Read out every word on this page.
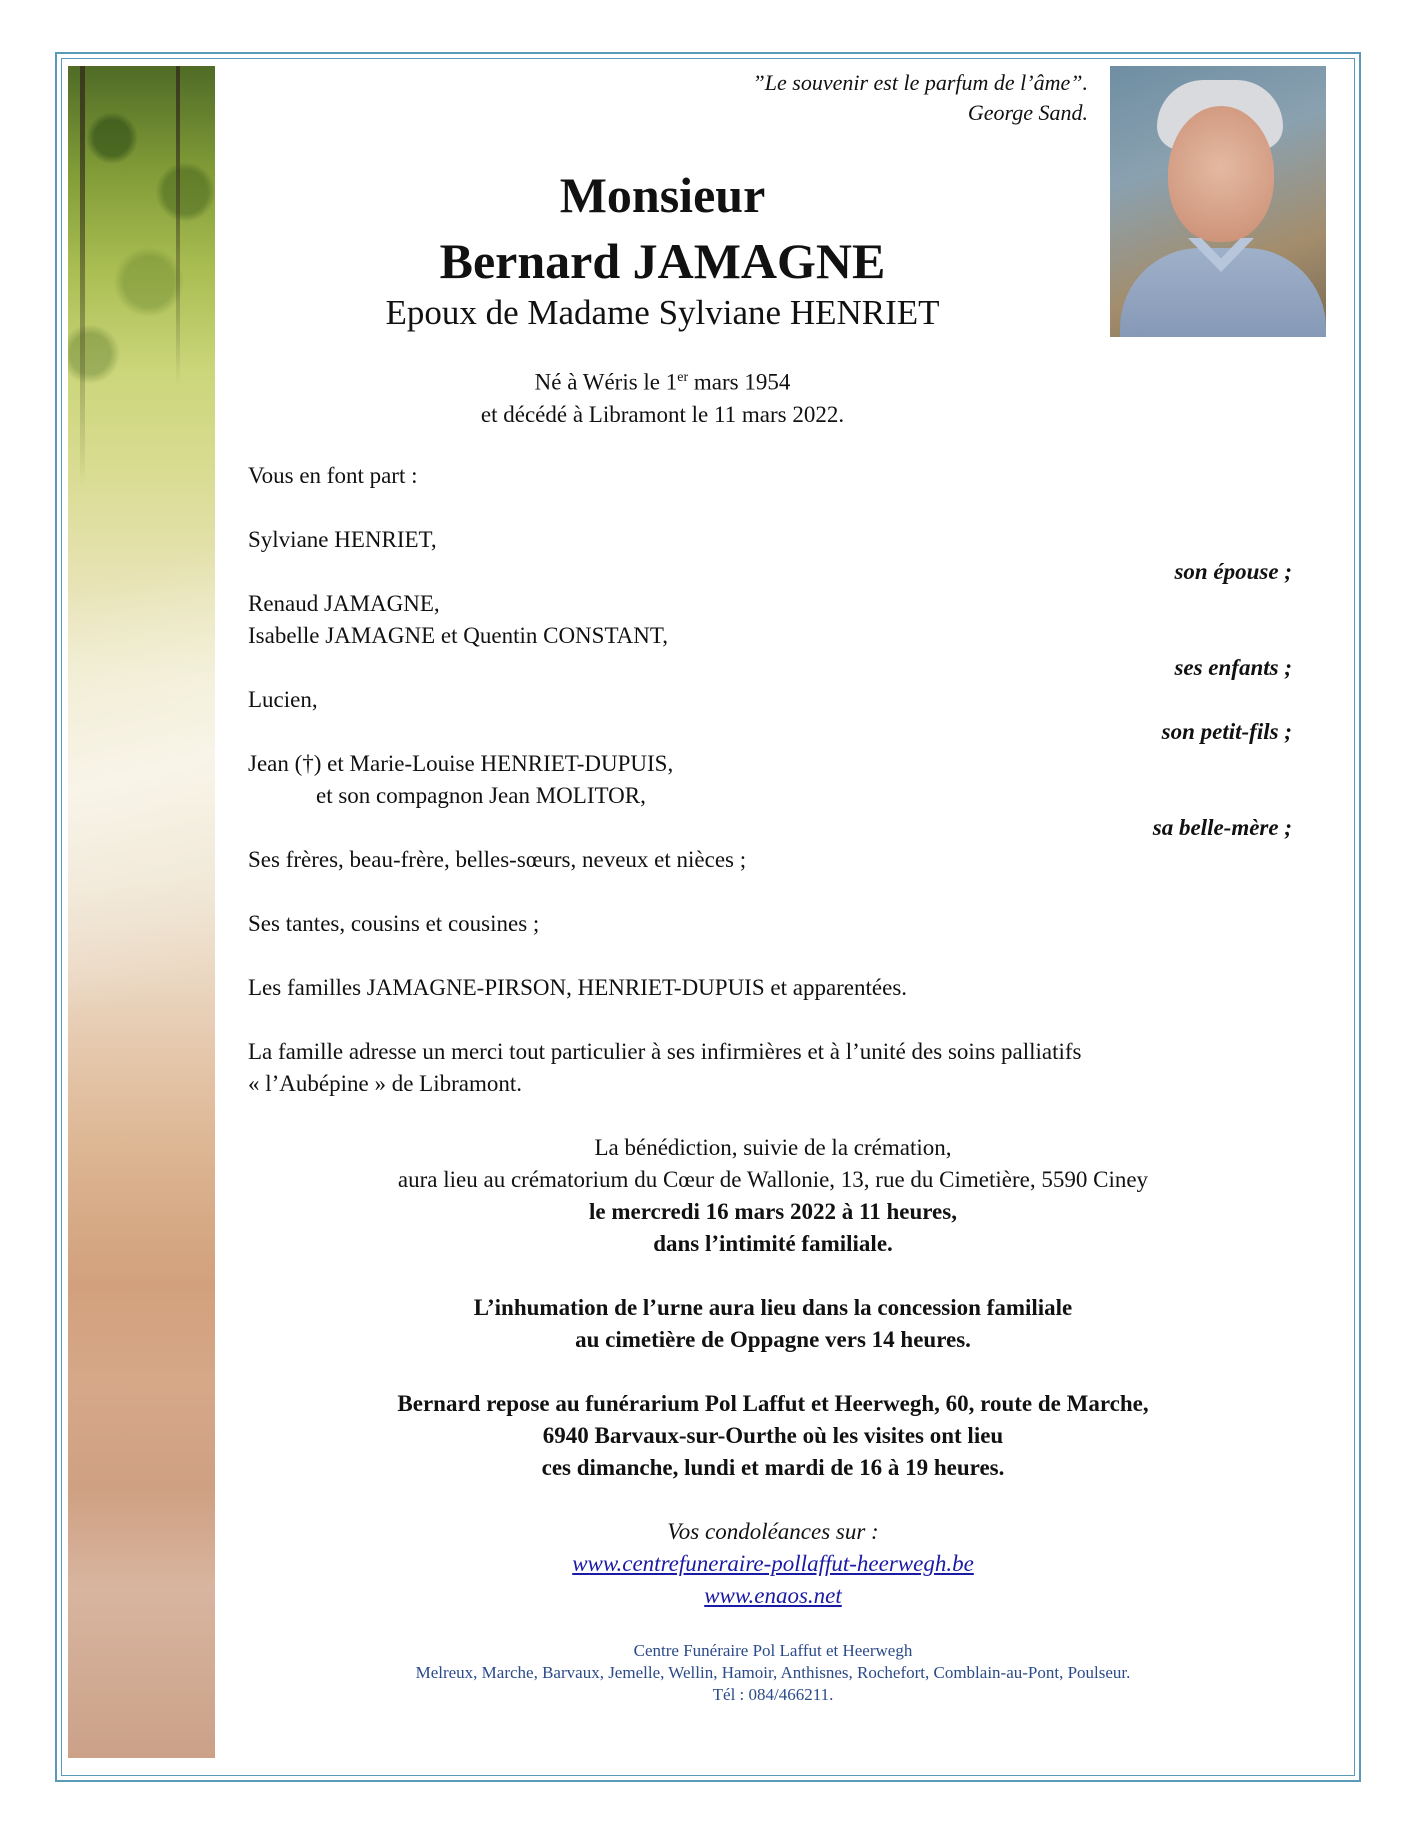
”Le souvenir est le parfum de l’âme”.
George Sand.
Monsieur
Bernard JAMAGNE
Epoux de Madame Sylviane HENRIET
Né à Wéris le 1er mars 1954
et décédé à Libramont le 11 mars 2022.
Vous en font part :
Sylviane HENRIET,
son épouse ;
Renaud JAMAGNE,
Isabelle JAMAGNE et Quentin CONSTANT,
ses enfants ;
Lucien,
son petit-fils ;
Jean (†) et Marie-Louise HENRIET-DUPUIS,
et son compagnon Jean MOLITOR,
sa belle-mère ;
Ses frères, beau-frère, belles-sœurs, neveux et nièces ;
Ses tantes, cousins et cousines ;
Les familles JAMAGNE-PIRSON, HENRIET-DUPUIS et apparentées.
La famille adresse un merci tout particulier à ses infirmières et à l’unité des soins palliatifs
« l’Aubépine » de Libramont.
La bénédiction, suivie de la crémation,
aura lieu au crématorium du Cœur de Wallonie, 13, rue du Cimetière, 5590 Ciney
le mercredi 16 mars 2022 à 11 heures,
dans l’intimité familiale.
L’inhumation de l’urne aura lieu dans la concession familiale
au cimetière de Oppagne vers 14 heures.
Bernard repose au funérarium Pol Laffut et Heerwegh, 60, route de Marche,
6940 Barvaux-sur-Ourthe où les visites ont lieu
ces dimanche, lundi et mardi de 16 à 19 heures.
Vos condoléances sur :
www.centrefuneraire-pollaffut-heerwegh.be
www.enaos.net
Centre Funéraire Pol Laffut et Heerwegh
Melreux, Marche, Barvaux, Jemelle, Wellin, Hamoir, Anthisnes, Rochefort, Comblain-au-Pont, Poulseur.
Tél : 084/466211.
